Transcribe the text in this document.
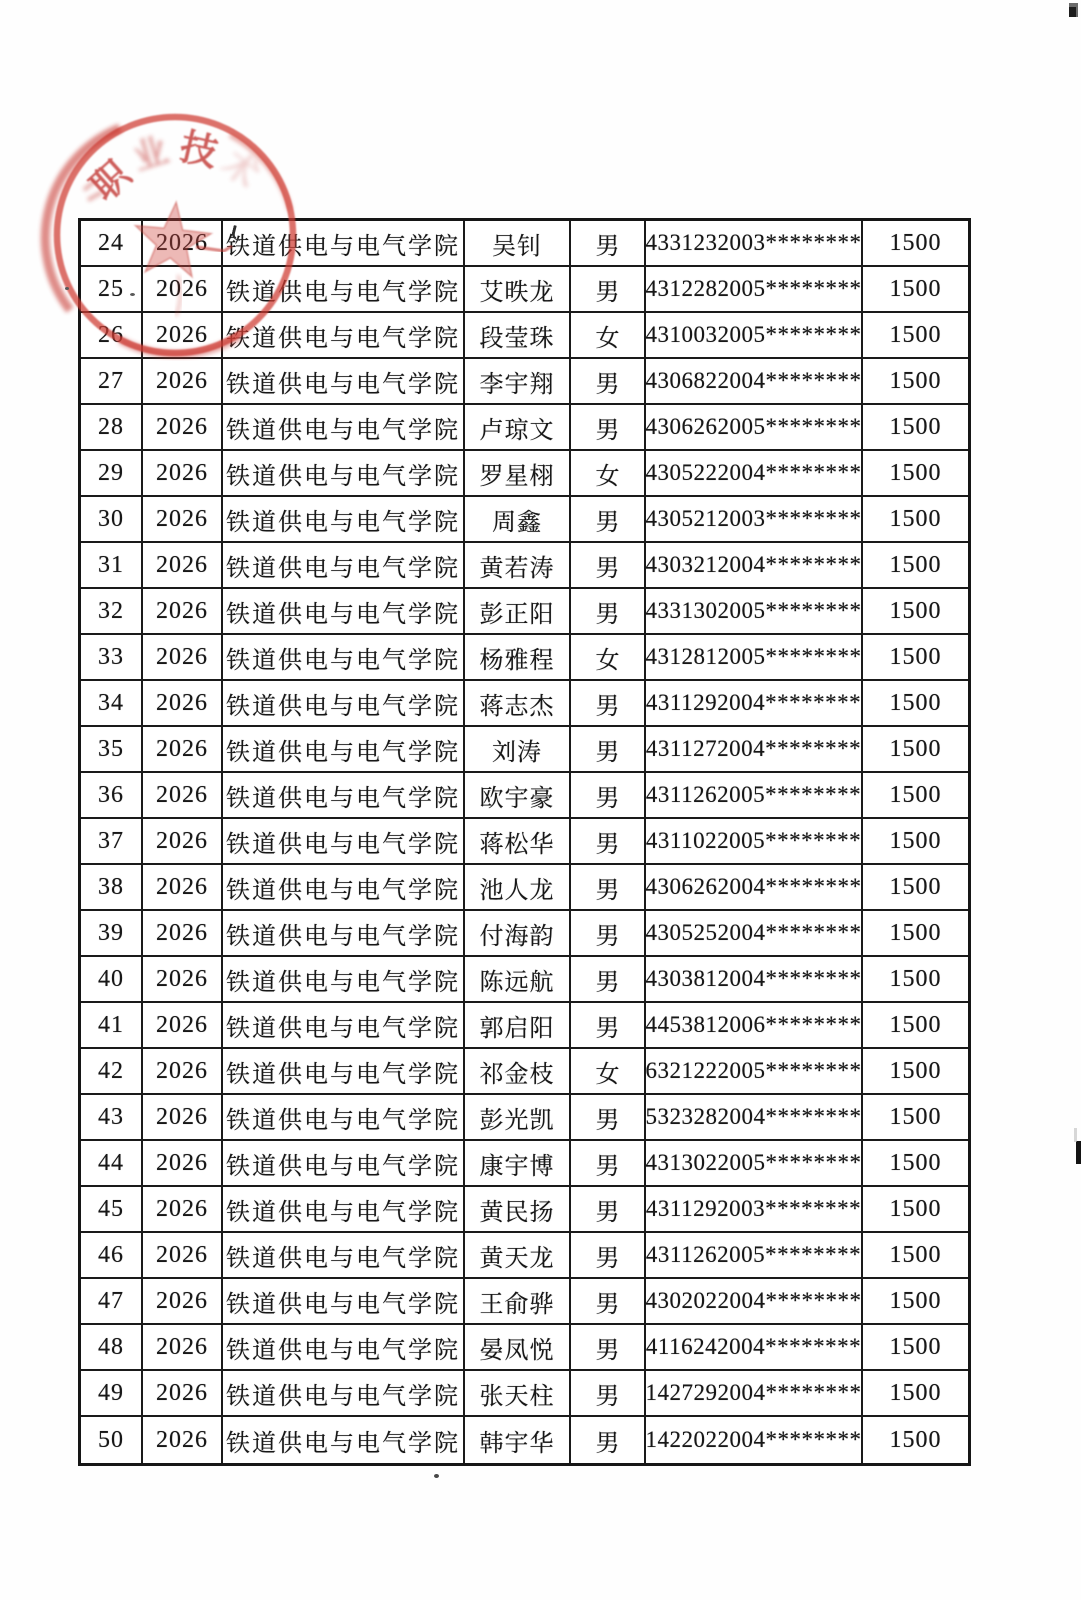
职
业 技
术
24	2026 铁道供电与电气学院	吴钊	男	4331232003********	1500
25	2026 铁道供电与电气学院 艾昳龙	男	4312282005********	1500
26	2026 铁道供电与电气学院 段莹珠	女	4310032005********	1500
27	2026 铁道供电与电气学院 李宇翔	男	4306822004********	1500
28	2026 铁道供电与电气学院 卢琼文	男	4306262005********	1500
29	2026 铁道供电与电气学院 罗星栩	女	4305222004********	1500
30	2026 铁道供电与电气学院	周鑫	男	4305212003********	1500
31	2026 铁道供电与电气学院 黄若涛	男	4303212004********	1500
32	2026 铁道供电与电气学院 彭正阳	男	4331302005********	1500
33	2026 铁道供电与电气学院 杨雅程	女	4312812005********	1500
34	2026 铁道供电与电气学院 蒋志杰	男	4311292004********	1500
35	2026 铁道供电与电气学院	刘涛	男	4311272004********	1500
36	2026 铁道供电与电气学院 欧宇豪	男	4311262005********	1500
37	2026 铁道供电与电气学院 蒋松华	男	4311022005********	1500
38	2026 铁道供电与电气学院 池人龙	男	4306262004********	1500
39	2026 铁道供电与电气学院 付海韵	男	4305252004********	1500
40	2026 铁道供电与电气学院 陈远航	男	4303812004********	1500
41	2026 铁道供电与电气学院 郭启阳	男	4453812006********	1500
42	2026 铁道供电与电气学院 祁金枝	女	6321222005********	1500
43	2026 铁道供电与电气学院 彭光凯	男	5323282004********	1500
44	2026 铁道供电与电气学院 康宇博	男	4313022005********	1500
45	2026 铁道供电与电气学院 黄民扬	男	4311292003********	1500
46	2026 铁道供电与电气学院 黄天龙	男	4311262005********	1500
47	2026 铁道供电与电气学院 王俞骅	男	4302022004********	1500
48	2026 铁道供电与电气学院 晏凤悦	男	4116242004********	1500
49	2026 铁道供电与电气学院 张天柱	男	1427292004********	1500
50	2026 铁道供电与电气学院 韩宇华	男	1422022004********	1500
